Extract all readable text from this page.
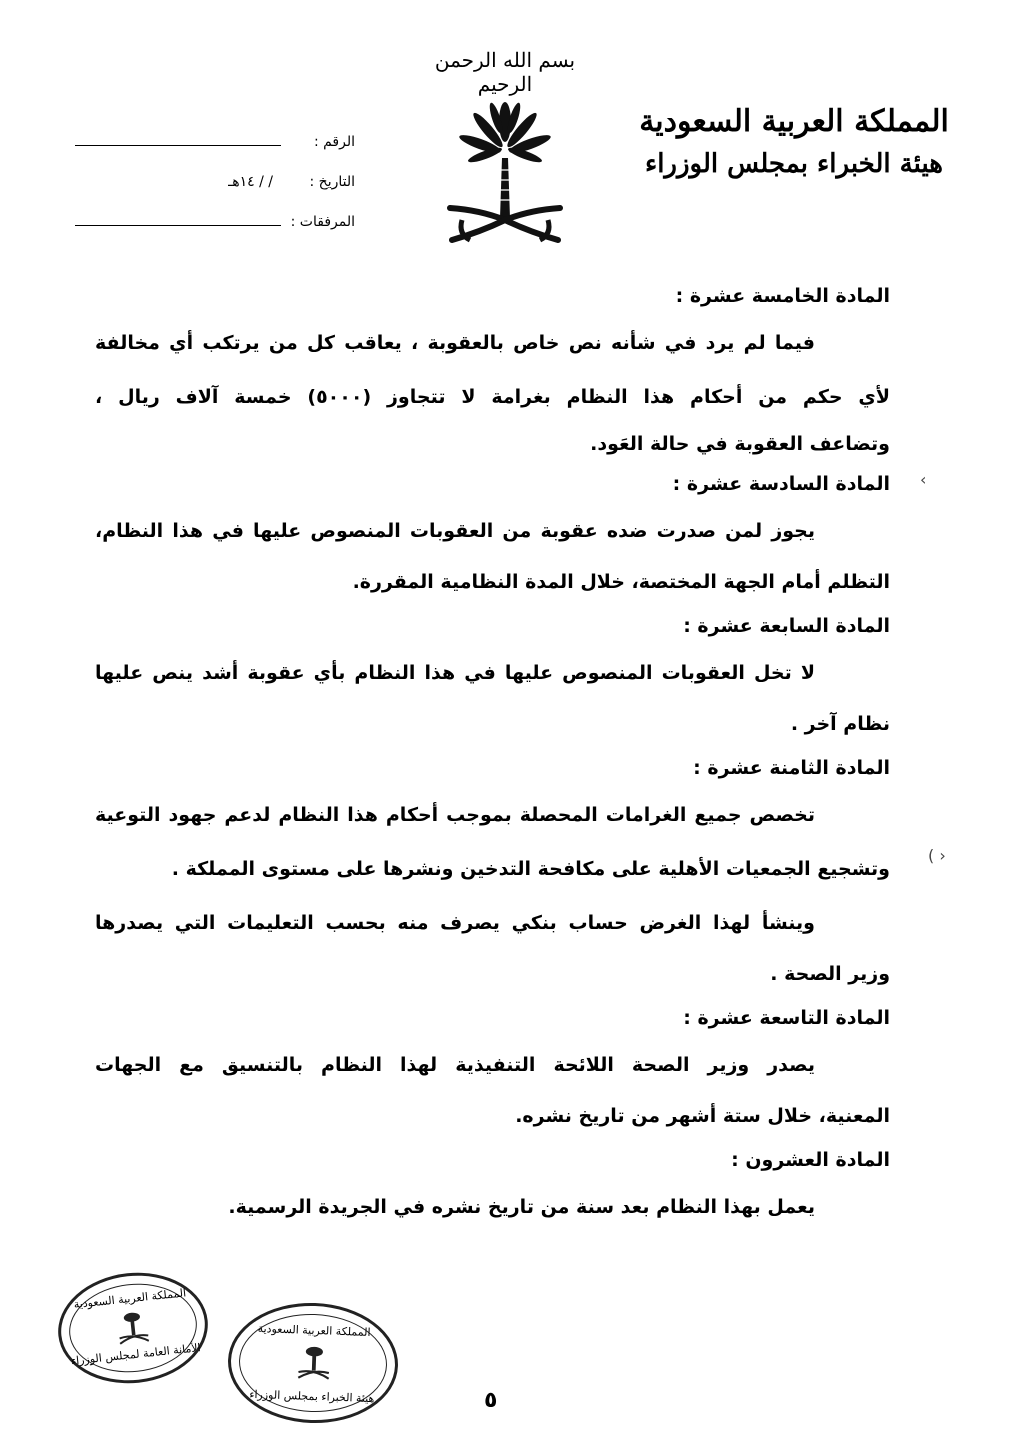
بسم الله الرحمن الرحيم
المملكة العربية السعودية
هيئة الخبراء بمجلس الوزراء
الرقم :
التاريخ :
/ / ١٤هـ
المرفقات :
المادة الخامسة عشرة :
فيما لم يرد في شأنه نص خاص بالعقوبة ، يعاقب كل من يرتكب أي مخالفة
لأي حكم من أحكام هذا النظام بغرامة لا تتجاوز (٥٠٠٠) خمسة آلاف ريال ،
وتضاعف العقوبة في حالة العَود.
المادة السادسة عشرة :
يجوز لمن صدرت ضده عقوبة من العقوبات المنصوص عليها في هذا النظام،
التظلم أمام الجهة المختصة، خلال المدة النظامية المقررة.
المادة السابعة عشرة :
لا تخل العقوبات المنصوص عليها في هذا النظام بأي عقوبة أشد ينص عليها
نظام آخر .
المادة الثامنة عشرة :
تخصص جميع الغرامات المحصلة بموجب أحكام هذا النظام لدعم جهود التوعية
وتشجيع الجمعيات الأهلية على مكافحة التدخين ونشرها على مستوى المملكة .
وينشأ لهذا الغرض حساب بنكي يصرف منه بحسب التعليمات التي يصدرها
وزير الصحة .
المادة التاسعة عشرة :
يصدر وزير الصحة اللائحة التنفيذية لهذا النظام بالتنسيق مع الجهات
المعنية، خلال ستة أشهر من تاريخ نشره.
المادة العشرون :
يعمل بهذا النظام بعد سنة من تاريخ نشره في الجريدة الرسمية.
٥
المملكة العربية السعودية
الأمانة العامة لمجلس الوزراء
المملكة العربية السعودية
هيئة الخبراء بمجلس الوزراء
‹
( ›
